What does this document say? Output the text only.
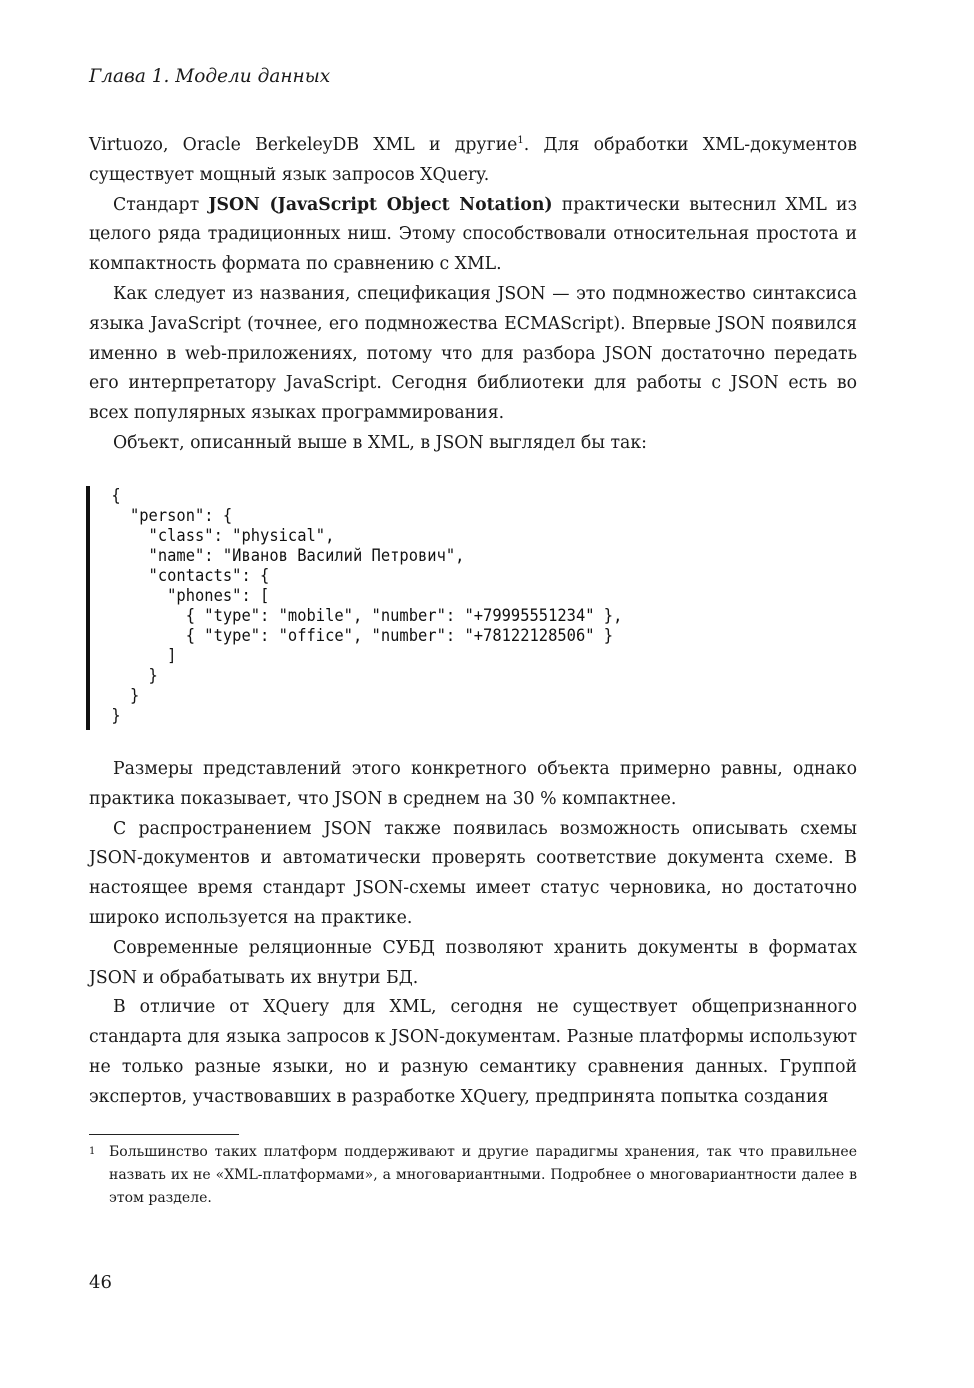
Глава 1. Модели данных

Virtuozo, Oracle BerkeleyDB XML и другие$^1$. Для обработки XML-документов существует мощный язык запросов XQuery.

Стандарт JSON (JavaScript Object Notation) практически вытеснил XML из целого ряда традиционных ниш. Этому способствовали относительная простота и компактность формата по сравнению с XML.

Как следует из названия, спецификация JSON — это подмножество синтаксиса языка JavaScript (точнее, его подмножества ECMAScript). Впервые JSON появился именно в web-приложениях, потому что для разбора JSON достаточно передать его интерпретатору JavaScript. Сегодня библиотеки для работы с JSON есть во всех популярных языках программирования.

Объект, описанный выше в XML, в JSON выглядел бы так:

{
"person": {
"class": "physical",
"name": "Иванов Василий Петрович",
"contacts": {
"phones": [
{ "type": "mobile", "number": "+79995551234" },
{ "type": "office", "number": "+78122128506" }
]
}
}
}

Размеры представлений этого конкретного объекта примерно равны, однако практика показывает, что JSON в среднем на 30 % компактнее.

С распространением JSON также появилась возможность описывать схемы JSON-документов и автоматически проверять соответствие документа схеме. В настоящее время стандарт JSON-схемы имеет статус черновика, но достаточно широко используется на практике.

Современные реляционные СУБД позволяют хранить документы в форматах JSON и обрабатывать их внутри БД.

В отличие от XQuery для XML, сегодня не существует общепризнанного стандарта для языка запросов к JSON-документам. Разные платформы используют не только разные языки, но и разную семантику сравнения данных. Группой экспертов, участвовавших в разработке XQuery, предпринята попытка создания

1 Большинство таких платформ поддерживают и другие парадигмы хранения, так что правильнее назвать их не «XML-платформами», а многовариантными. Подробнее о многовариантности далее в этом разделе.
46
